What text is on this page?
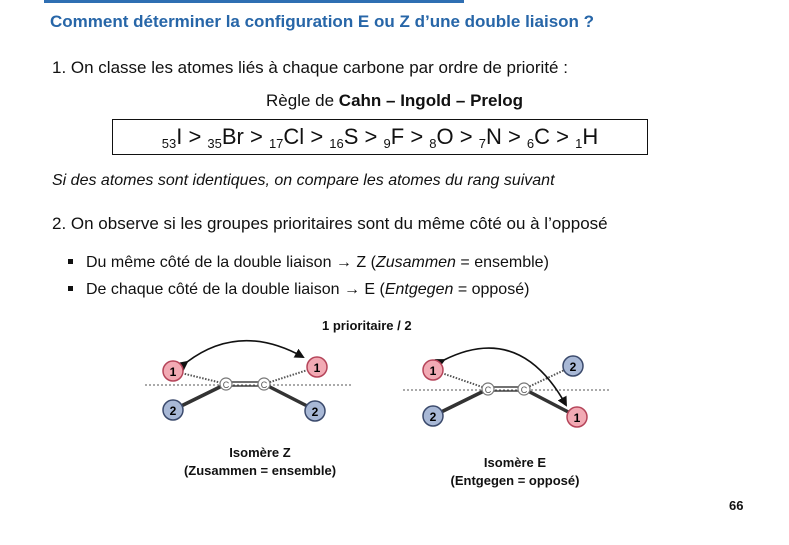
Comment déterminer la configuration E ou Z d’une double liaison ?
1. On classe les atomes liés à chaque carbone par ordre de priorité :
Règle de Cahn – Ingold – Prelog
$_{53}$I > $_{35}$Br > $_{17}$Cl > $_{16}$S > $_9$F > $_8$O > $_7$N > $_6$C > $_1$H
Si des atomes sont identiques, on compare les atomes du rang suivant
2. On observe si les groupes prioritaires sont du même côté ou à l’opposé
Du même côté de la double liaison → Z (Zusammen = ensemble)
De chaque côté de la double liaison → E (Entgegen = opposé)
1 prioritaire / 2
C	C
1	1
2	2
C	C
1	2
2	1
Isomère Z
(Zusammen = ensemble)
Isomère E
(Entgegen = opposé)
66
